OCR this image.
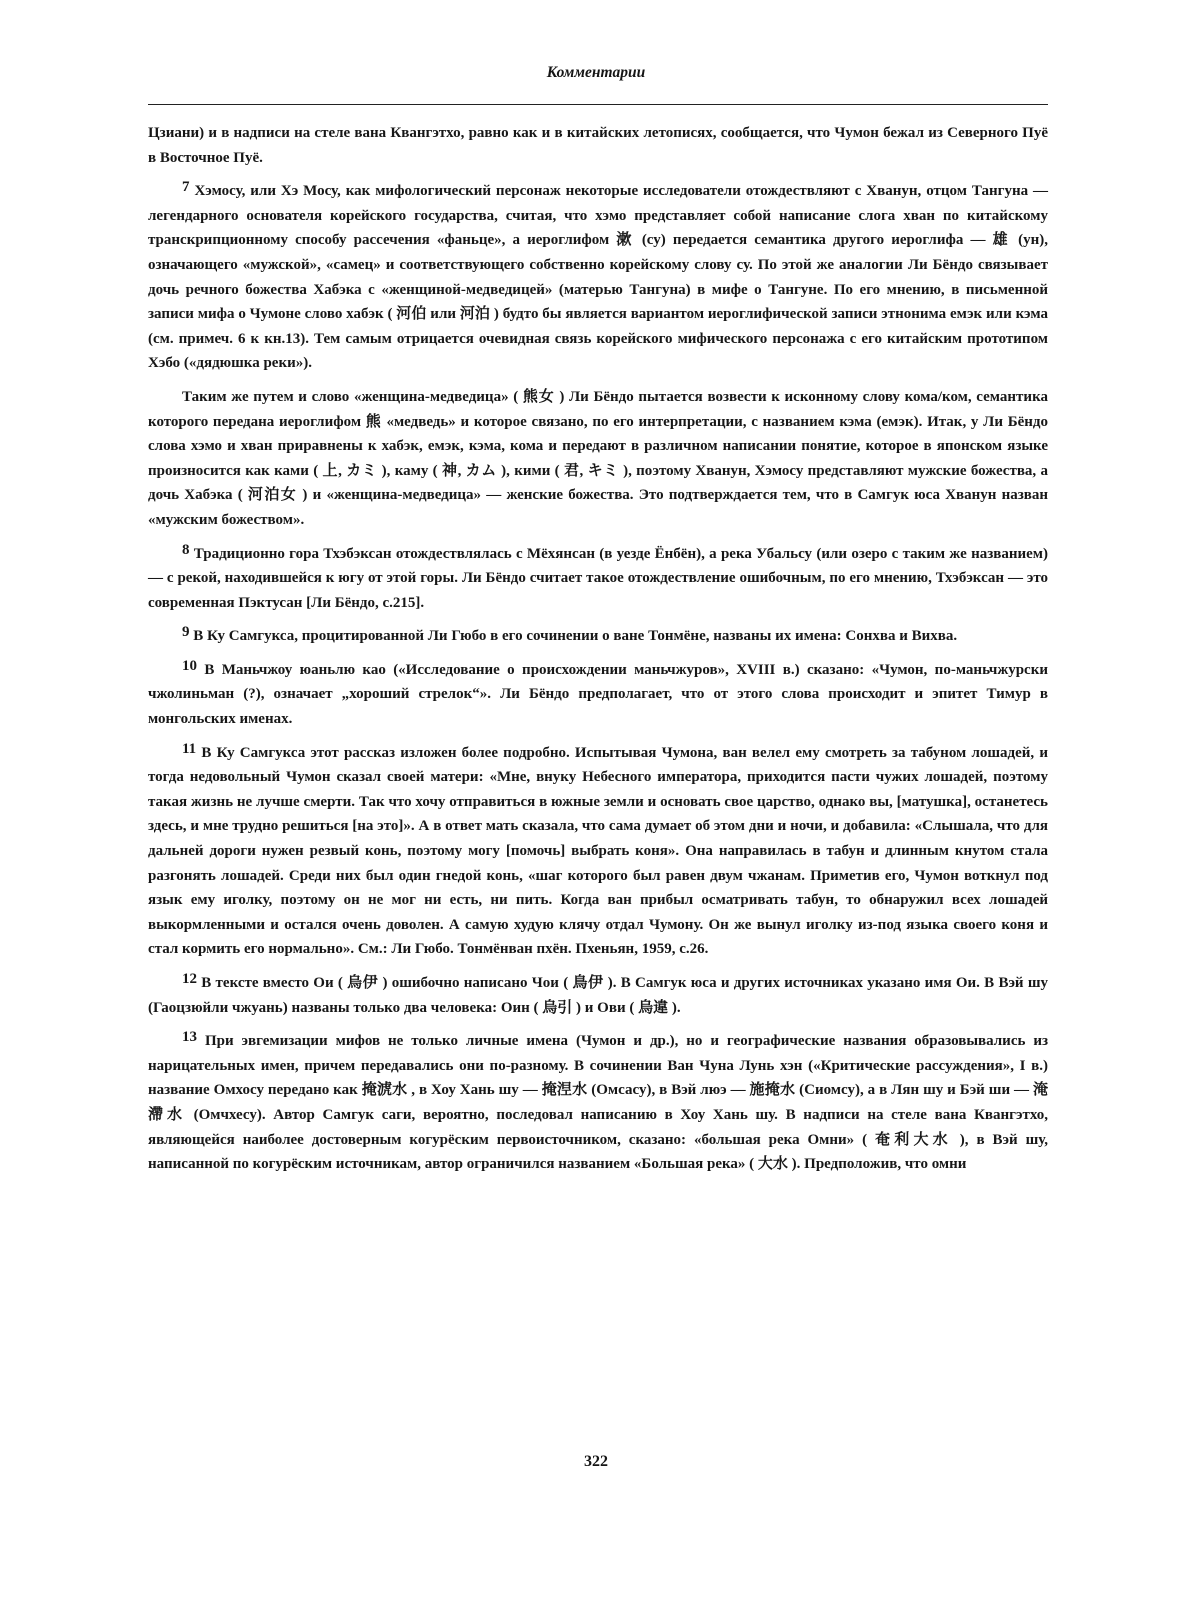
Комментарии

Цзиани) и в надписи на стеле вана Квангэтхо, равно как и в китайских летописях, сообщается, что Чумон бежал из Северного Пуё в Восточное Пуё.

7 Хэмосу, или Хэ Мосу, как мифологический персонаж некоторые исследователи отождествляют с Хванун, отцом Тангуна — легендарного основателя корейского государства, считая, что хэмо представляет собой написание слога хван по китайскому транскрипционному способу рассечения «фаньце», а иероглифом 漱 (су) передается семантика другого иероглифа — 雄 (ун), означающего «мужской», «самец» и соответствующего собственно корейскому слову су. По этой же аналогии Ли Бёндо связывает дочь речного божества Хабэка с «женщиной-медведицей» (матерью Тангуна) в мифе о Тангуне. По его мнению, в письменной записи мифа о Чумоне слово хабэк ( 河伯 или 河泊 ) будто бы является вариантом иероглифической записи этнонима емэк или кэма (см. примеч. 6 к кн.13). Тем самым отрицается очевидная связь корейского мифического персонажа с его китайским прототипом Хэбо («дядюшка реки»).

Таким же путем и слово «женщина-медведица» ( 熊女 ) Ли Бёндо пытается возвести к исконному слову кома/ком, семантика которого передана иероглифом 熊 «медведь» и которое связано, по его интерпретации, с названием кэма (емэк). Итак, у Ли Бёндо слова хэмо и хван приравнены к хабэк, емэк, кэма, кома и передают в различном написании понятие, которое в японском языке произносится как ками ( 上, カミ ), каму ( 神, カム ), кими ( 君, キミ ), поэтому Хванун, Хэмосу представляют мужские божества, а дочь Хабэка ( 河泊女 ) и «женщина-медведица» — женские божества. Это подтверждается тем, что в Самгук юса Хванун назван «мужским божеством».

8 Традиционно гора Тхэбэксан отождествлялась с Мёхянсан (в уезде Ёнбён), а река Убальсу (или озеро с таким же названием) — с рекой, находившейся к югу от этой горы. Ли Бёндо считает такое отождествление ошибочным, по его мнению, Тхэбэксан — это современная Пэктусан [Ли Бёндо, с.215].

9 В Ку Самгукса, процитированной Ли Гюбо в его сочинении о ване Тонмёне, названы их имена: Сонхва и Вихва.

10 В Маньчжоу юаньлю као («Исследование о происхождении маньчжуров», XVIII в.) сказано: «Чумон, по-маньчжурски чжолиньман (?), означает „хороший стрелок“». Ли Бёндо предполагает, что от этого слова происходит и эпитет Тимур в монгольских именах.

11 В Ку Самгукса этот рассказ изложен более подробно. Испытывая Чумона, ван велел ему смотреть за табуном лошадей, и тогда недовольный Чумон сказал своей матери: «Мне, внуку Небесного императора, приходится пасти чужих лошадей, поэтому такая жизнь не лучше смерти. Так что хочу отправиться в южные земли и основать свое царство, однако вы, [матушка], останетесь здесь, и мне трудно решиться [на это]». А в ответ мать сказала, что сама думает об этом дни и ночи, и добавила: «Слышала, что для дальней дороги нужен резвый конь, поэтому могу [помочь] выбрать коня». Она направилась в табун и длинным кнутом стала разгонять лошадей. Среди них был один гнедой конь, «шаг которого был равен двум чжанам. Приметив его, Чумон воткнул под язык ему иголку, поэтому он не мог ни есть, ни пить. Когда ван прибыл осматривать табун, то обнаружил всех лошадей выкормленными и остался очень доволен. А самую худую клячу отдал Чумону. Он же вынул иголку из-под языка своего коня и стал кормить его нормально». См.: Ли Гюбо. Тонмёнван пхён. Пхеньян, 1959, с.26.

12 В тексте вместо Ои ( 烏伊 ) ошибочно написано Чои ( 鳥伊 ). В Самгук юса и других источниках указано имя Ои. В Вэй шу (Гаоцзюйли чжуань) названы только два человека: Оин ( 烏引 ) и Ови ( 烏違 ).

13 При эвгемизации мифов не только личные имена (Чумон и др.), но и географические названия образовывались из нарицательных имен, причем передавались они по-разному. В сочинении Ван Чуна Лунь хэн («Критические рассуждения», I в.) название Омхосу передано как 掩淲水 , в Хоу Хань шу — 掩𣵀水 (Омсасу), в Вэй люэ — 施掩水 (Сиомсу), а в Лян шу и Бэй ши — 淹滯水 (Омчхесу). Автор Самгук саги, вероятно, последовал написанию в Хоу Хань шу. В надписи на стеле вана Квангэтхо, являющейся наиболее достоверным когурёским первоисточником, сказано: «большая река Омни» ( 奄利大水 ), в Вэй шу, написанной по когурёским источникам, автор ограничился названием «Большая река» ( 大水 ). Предположив, что омни

322
